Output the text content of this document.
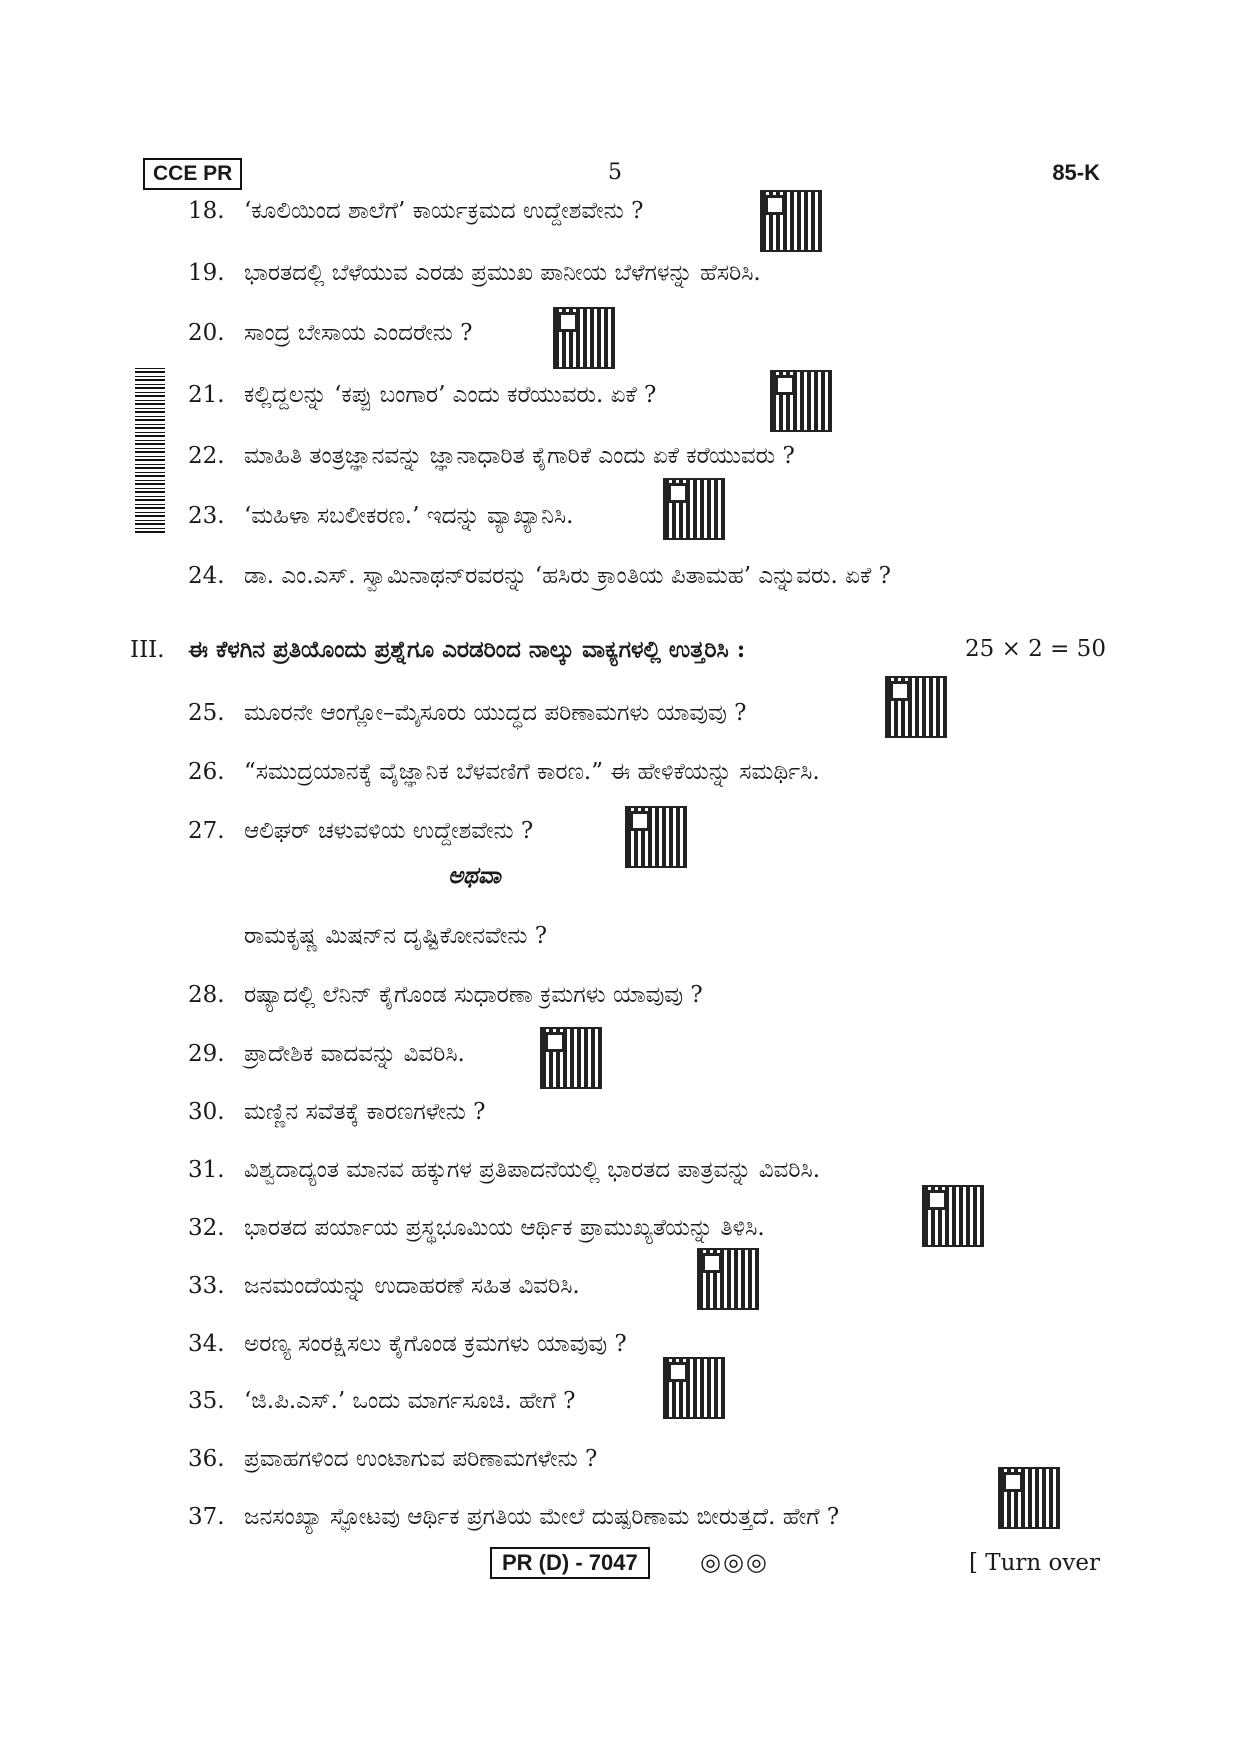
CCE PR	5	85-K
18. ‘ಕೂಲಿಯಿಂದ ಶಾಲೆಗೆ’ ಕಾರ್ಯಕ್ರಮದ ಉದ್ದೇಶವೇನು ?
19. ಭಾರತದಲ್ಲಿ ಬೆಳೆಯುವ ಎರಡು ಪ್ರಮುಖ ಪಾನೀಯ ಬೆಳೆಗಳನ್ನು ಹೆಸರಿಸಿ.
20. ಸಾಂದ್ರ ಬೇಸಾಯ ಎಂದರೇನು ?
21. ಕಲ್ಲಿದ್ದಲನ್ನು ‘ಕಪ್ಪು ಬಂಗಾರ’ ಎಂದು ಕರೆಯುವರು. ಏಕೆ ?
22. ಮಾಹಿತಿ ತಂತ್ರಜ್ಞಾನವನ್ನು ಜ್ಞಾನಾಧಾರಿತ ಕೈಗಾರಿಕೆ ಎಂದು ಏಕೆ ಕರೆಯುವರು ?
23. ‘ಮಹಿಳಾ ಸಬಲೀಕರಣ.’ ಇದನ್ನು ವ್ಯಾಖ್ಯಾನಿಸಿ.
24. ಡಾ. ಎಂ.ಎಸ್. ಸ್ವಾಮಿನಾಥನ್‌ರವರನ್ನು ‘ಹಸಿರು ಕ್ರಾಂತಿಯ ಪಿತಾಮಹ’ ಎನ್ನುವರು. ಏಕೆ ?
III. ಈ ಕೆಳಗಿನ ಪ್ರತಿಯೊಂದು ಪ್ರಶ್ನೆಗೂ ಎರಡರಿಂದ ನಾಲ್ಕು ವಾಕ್ಯಗಳಲ್ಲಿ ಉತ್ತರಿಸಿ :	25 × 2 = 50
25. ಮೂರನೇ ಆಂಗ್ಲೋ–ಮೈಸೂರು ಯುದ್ಧದ ಪರಿಣಾಮಗಳು ಯಾವುವು ?
26. “ಸಮುದ್ರಯಾನಕ್ಕೆ ವೈಜ್ಞಾನಿಕ ಬೆಳವಣಿಗೆ ಕಾರಣ.” ಈ ಹೇಳಿಕೆಯನ್ನು ಸಮರ್ಥಿಸಿ.
27. ಆಲಿಘರ್ ಚಳುವಳಿಯ ಉದ್ದೇಶವೇನು ?
ಅಥವಾ
ರಾಮಕೃಷ್ಣ ಮಿಷನ್‌ನ ದೃಷ್ಟಿಕೋನವೇನು ?
28. ರಷ್ಯಾದಲ್ಲಿ ಲೆನಿನ್ ಕೈಗೊಂಡ ಸುಧಾರಣಾ ಕ್ರಮಗಳು ಯಾವುವು ?
29. ಪ್ರಾದೇಶಿಕ ವಾದವನ್ನು ವಿವರಿಸಿ.
30. ಮಣ್ಣಿನ ಸವೆತಕ್ಕೆ ಕಾರಣಗಳೇನು ?
31. ವಿಶ್ವದಾದ್ಯಂತ ಮಾನವ ಹಕ್ಕುಗಳ ಪ್ರತಿಪಾದನೆಯಲ್ಲಿ ಭಾರತದ ಪಾತ್ರವನ್ನು ವಿವರಿಸಿ.
32. ಭಾರತದ ಪರ್ಯಾಯ ಪ್ರಸ್ಥಭೂಮಿಯ ಆರ್ಥಿಕ ಪ್ರಾಮುಖ್ಯತೆಯನ್ನು ತಿಳಿಸಿ.
33. ಜನಮಂದೆಯನ್ನು ಉದಾಹರಣೆ ಸಹಿತ ವಿವರಿಸಿ.
34. ಅರಣ್ಯ ಸಂರಕ್ಷಿಸಲು ಕೈಗೊಂಡ ಕ್ರಮಗಳು ಯಾವುವು ?
35. ‘ಜಿ.ಪಿ.ಎಸ್.’ ಒಂದು ಮಾರ್ಗಸೂಚಿ. ಹೇಗೆ ?
36. ಪ್ರವಾಹಗಳಿಂದ ಉಂಟಾಗುವ ಪರಿಣಾಮಗಳೇನು ?
37. ಜನಸಂಖ್ಯಾ ಸ್ಫೋಟವು ಆರ್ಥಿಕ ಪ್ರಗತಿಯ ಮೇಲೆ ದುಷ್ಪರಿಣಾಮ ಬೀರುತ್ತದೆ. ಹೇಗೆ ?
PR (D) - 7047	◎◎◎	[ Turn over
